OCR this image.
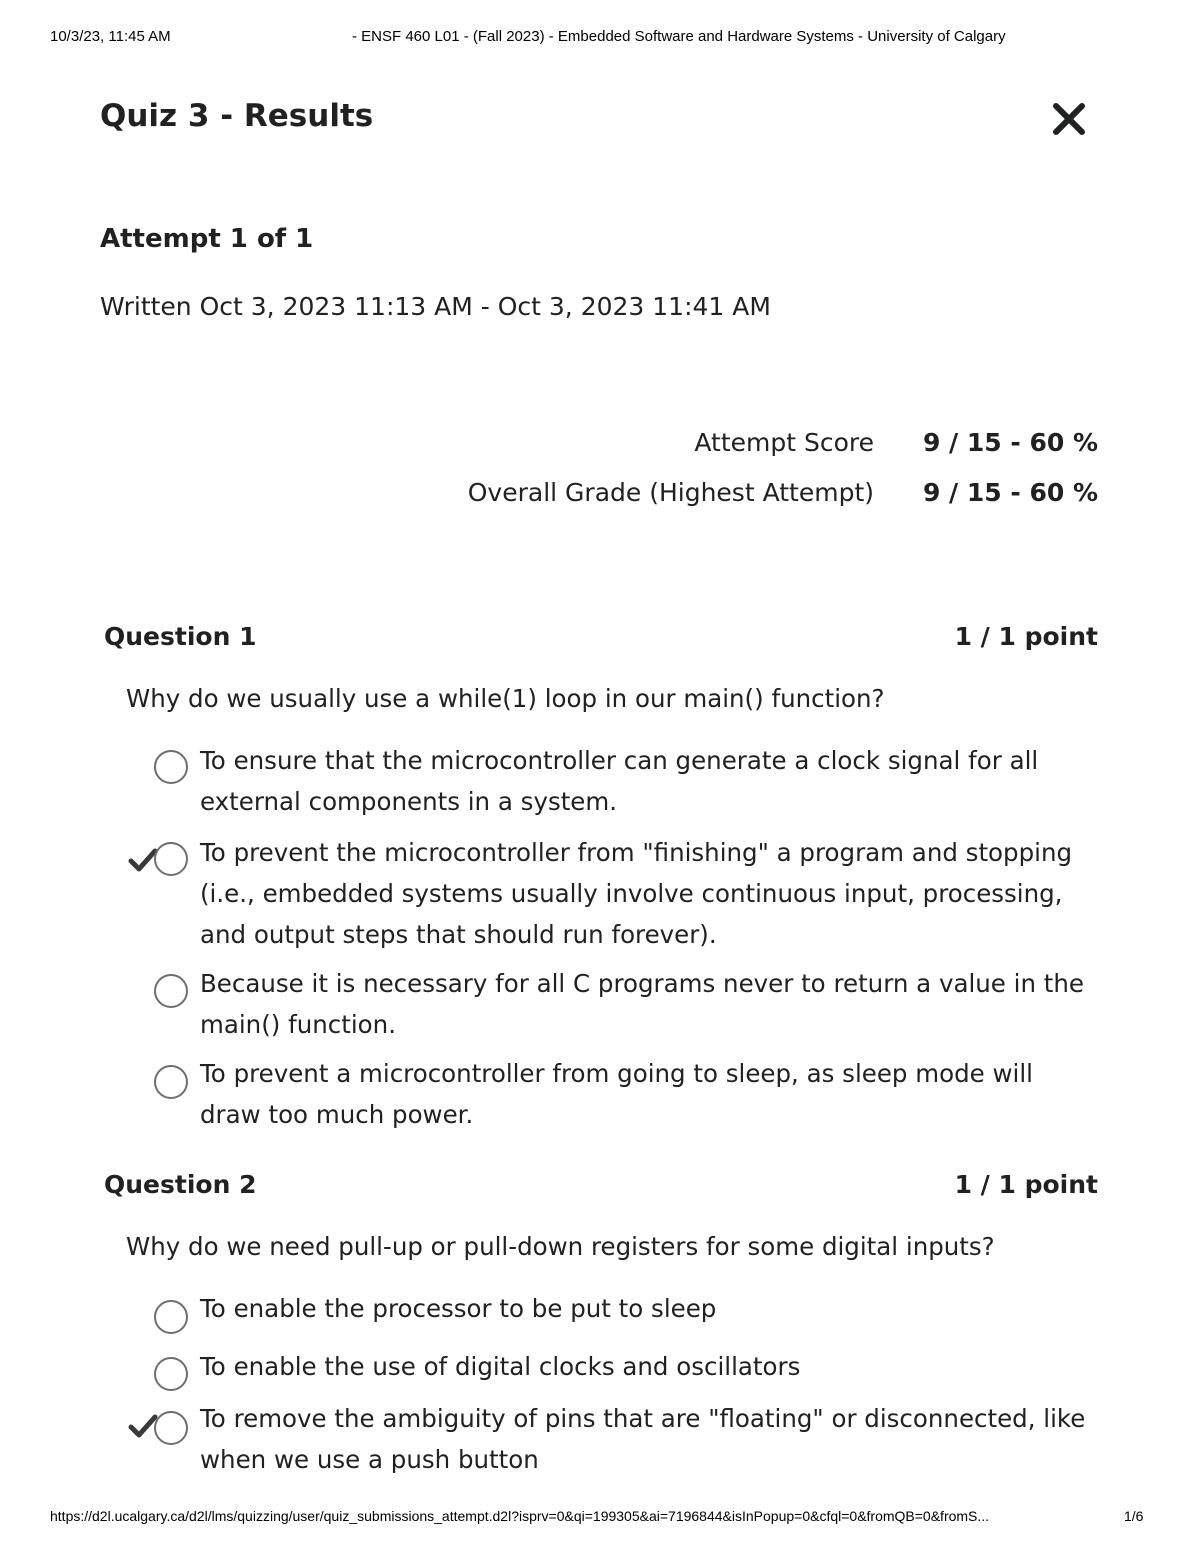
10/3/23, 11:45 AM	- ENSF 460 L01 - (Fall 2023) - Embedded Software and Hardware Systems - University of Calgary
Quiz 3 - Results
Attempt 1 of 1
Written Oct 3, 2023 11:13 AM - Oct 3, 2023 11:41 AM
Attempt Score 9 / 15 - 60 %
Overall Grade (Highest Attempt) 9 / 15 - 60 %
Question 1	1 / 1 point
Why do we usually use a while(1) loop in our main() function?
To ensure that the microcontroller can generate a clock signal for all external components in a system.
To prevent the microcontroller from "finishing" a program and stopping (i.e., embedded systems usually involve continuous input, processing, and output steps that should run forever).
Because it is necessary for all C programs never to return a value in the main() function.
To prevent a microcontroller from going to sleep, as sleep mode will draw too much power.
Question 2	1 / 1 point
Why do we need pull-up or pull-down registers for some digital inputs?
To enable the processor to be put to sleep
To enable the use of digital clocks and oscillators
To remove the ambiguity of pins that are "floating" or disconnected, like when we use a push button
https://d2l.ucalgary.ca/d2l/lms/quizzing/user/quiz_submissions_attempt.d2l?isprv=0&qi=199305&ai=7196844&isInPopup=0&cfql=0&fromQB=0&fromS...	1/6
